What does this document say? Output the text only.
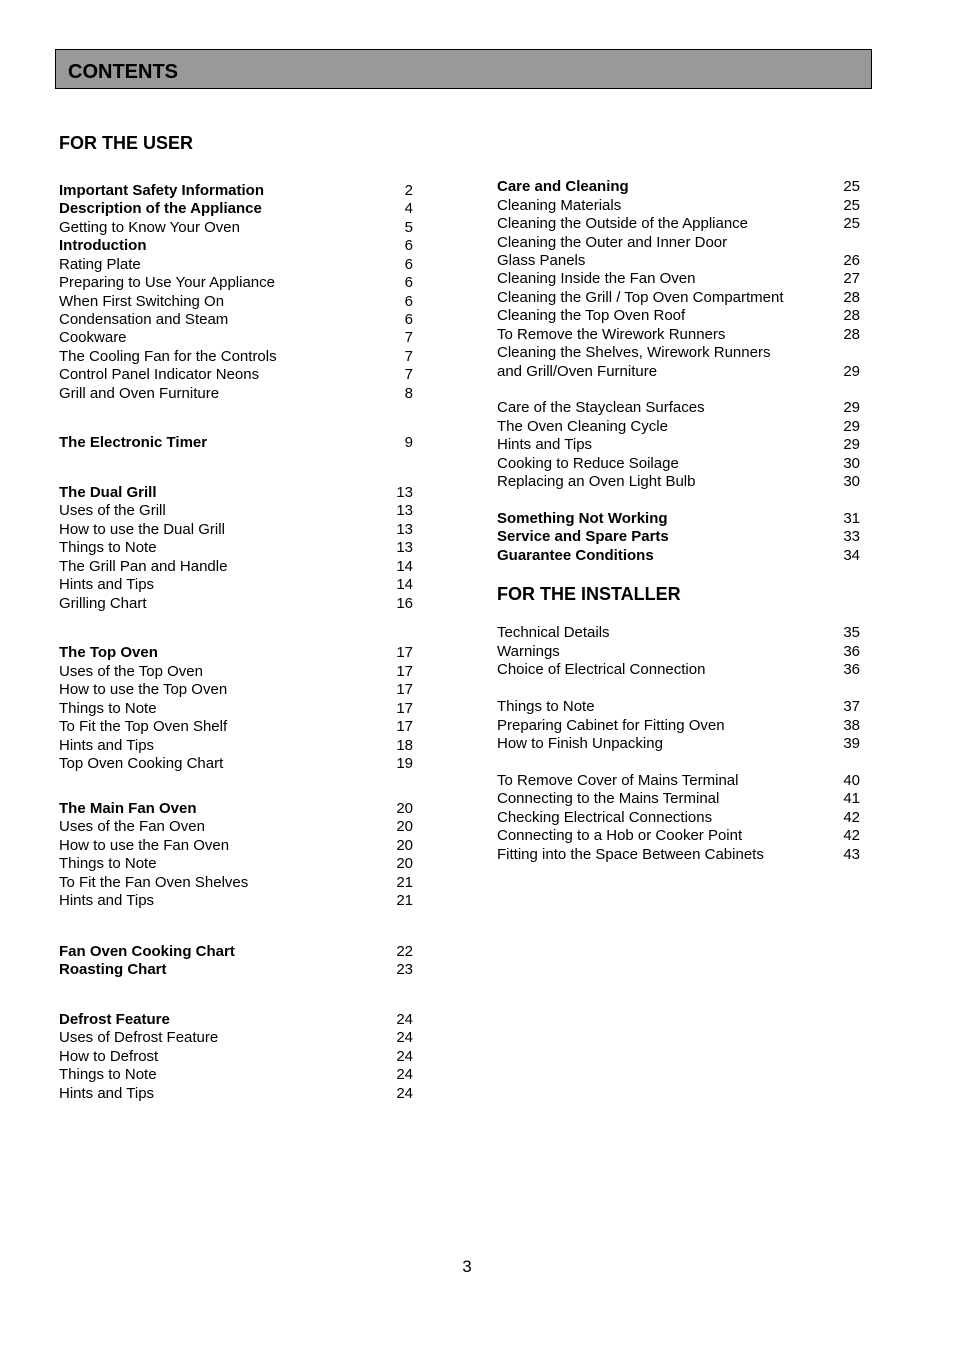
CONTENTS
FOR THE USER
FOR THE INSTALLER
Important Safety Information	2
Description of the Appliance	4
Getting to Know Your Oven	5
Introduction	6
Rating Plate	6
Preparing to Use Your Appliance	6
When First Switching On	6
Condensation and Steam	6
Cookware	7
The Cooling Fan for the Controls	7
Control Panel Indicator Neons	7
Grill and Oven Furniture	8
The Electronic Timer	9
The Dual Grill	13
Uses of the Grill	13
How to use the Dual Grill	13
Things to Note	13
The Grill Pan and Handle	14
Hints and Tips	14
Grilling Chart	16
The Top Oven	17
Uses of the Top Oven	17
How to use the Top Oven	17
Things to Note	17
To Fit the Top Oven Shelf	17
Hints and Tips	18
Top Oven Cooking Chart	19
The Main Fan Oven	20
Uses of the Fan Oven	20
How to use the Fan Oven	20
Things to Note	20
To Fit the Fan Oven Shelves	21
Hints and Tips	21
Fan Oven Cooking Chart	22
Roasting Chart	23
Defrost Feature	24
Uses of Defrost Feature	24
How to Defrost	24
Things to Note	24
Hints and Tips	24
Care and Cleaning	25
Cleaning Materials	25
Cleaning the Outside of the Appliance	25
Cleaning the Outer and Inner Door
Glass Panels	26
Cleaning Inside the Fan Oven	27
Cleaning the Grill / Top Oven Compartment	28
Cleaning the Top Oven Roof	28
To Remove the Wirework Runners	28
Cleaning the Shelves, Wirework Runners
and Grill/Oven Furniture	29
Care of the Stayclean Surfaces	29
The Oven Cleaning Cycle	29
Hints and Tips	29
Cooking to Reduce Soilage	30
Replacing an Oven Light Bulb	30
Something Not Working	31
Service and Spare Parts	33
Guarantee Conditions	34
Technical Details	35
Warnings	36
Choice of Electrical Connection	36
Things to Note	37
Preparing Cabinet for Fitting Oven	38
How to Finish Unpacking	39
To Remove Cover of Mains Terminal	40
Connecting to the Mains Terminal	41
Checking Electrical Connections	42
Connecting to a Hob or Cooker Point	42
Fitting into the Space Between Cabinets	43
3
